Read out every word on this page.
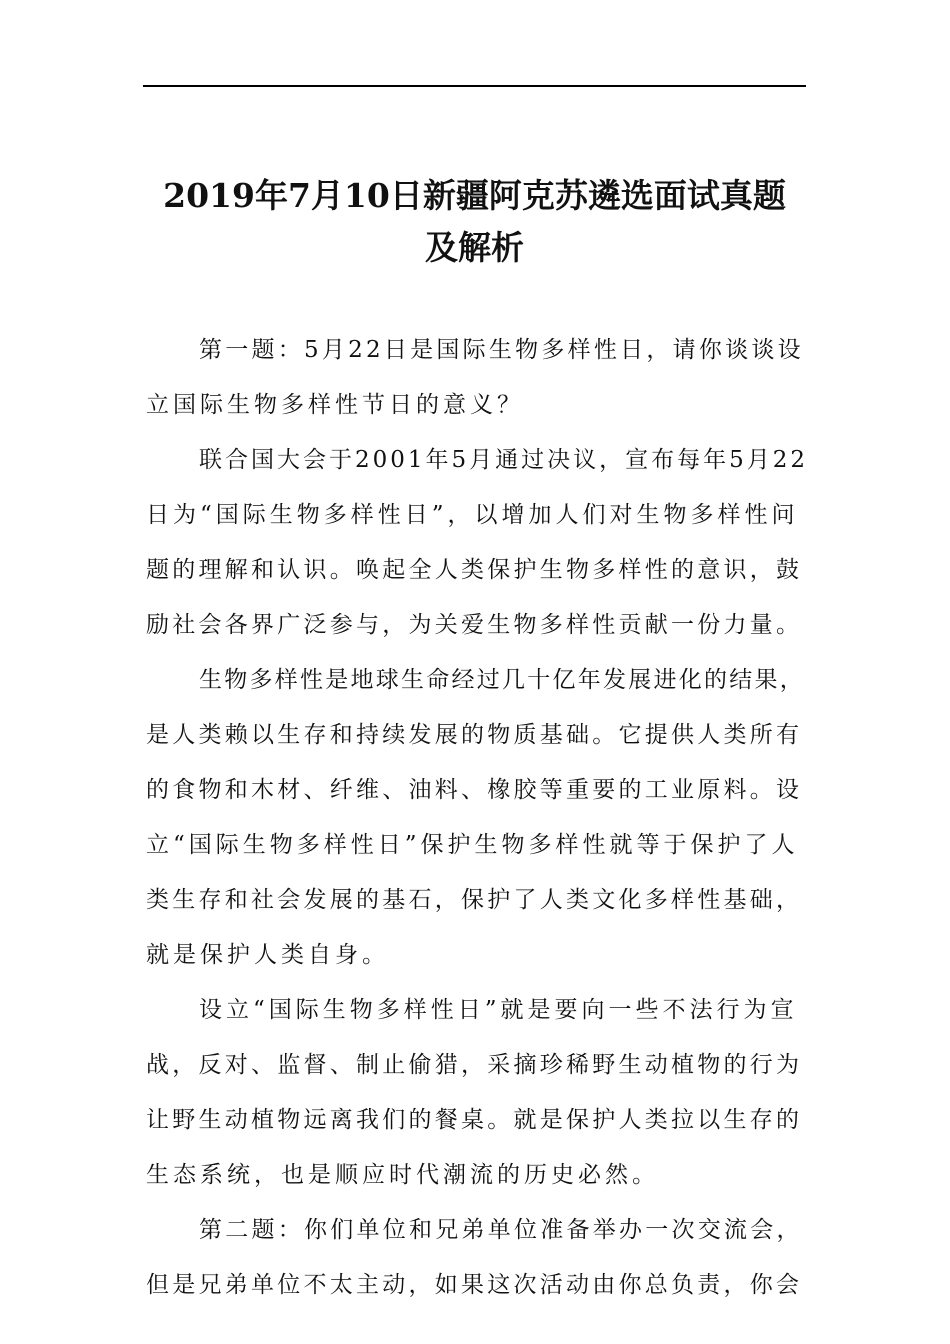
2019年7月10日新疆阿克苏遴选面试真题
及解析
第一题：5月22日是国际生物多样性日，请你谈谈设
立国际生物多样性节日的意义？
联合国大会于2001年5月通过决议，宣布每年5月22
日为“国际生物多样性日”，以增加人们对生物多样性问
题的理解和认识。唤起全人类保护生物多样性的意识，鼓
励社会各界广泛参与，为关爱生物多样性贡献一份力量。
生物多样性是地球生命经过几十亿年发展进化的结果，
是人类赖以生存和持续发展的物质基础。它提供人类所有
的食物和木材、纤维、油料、橡胶等重要的工业原料。设
立“国际生物多样性日”保护生物多样性就等于保护了人
类生存和社会发展的基石，保护了人类文化多样性基础，
就是保护人类自身。
设立“国际生物多样性日”就是要向一些不法行为宣
战，反对、监督、制止偷猎，采摘珍稀野生动植物的行为
让野生动植物远离我们的餐桌。就是保护人类拉以生存的
生态系统，也是顺应时代潮流的历史必然。
第二题：你们单位和兄弟单位准备举办一次交流会，
但是兄弟单位不太主动，如果这次活动由你总负责，你会
